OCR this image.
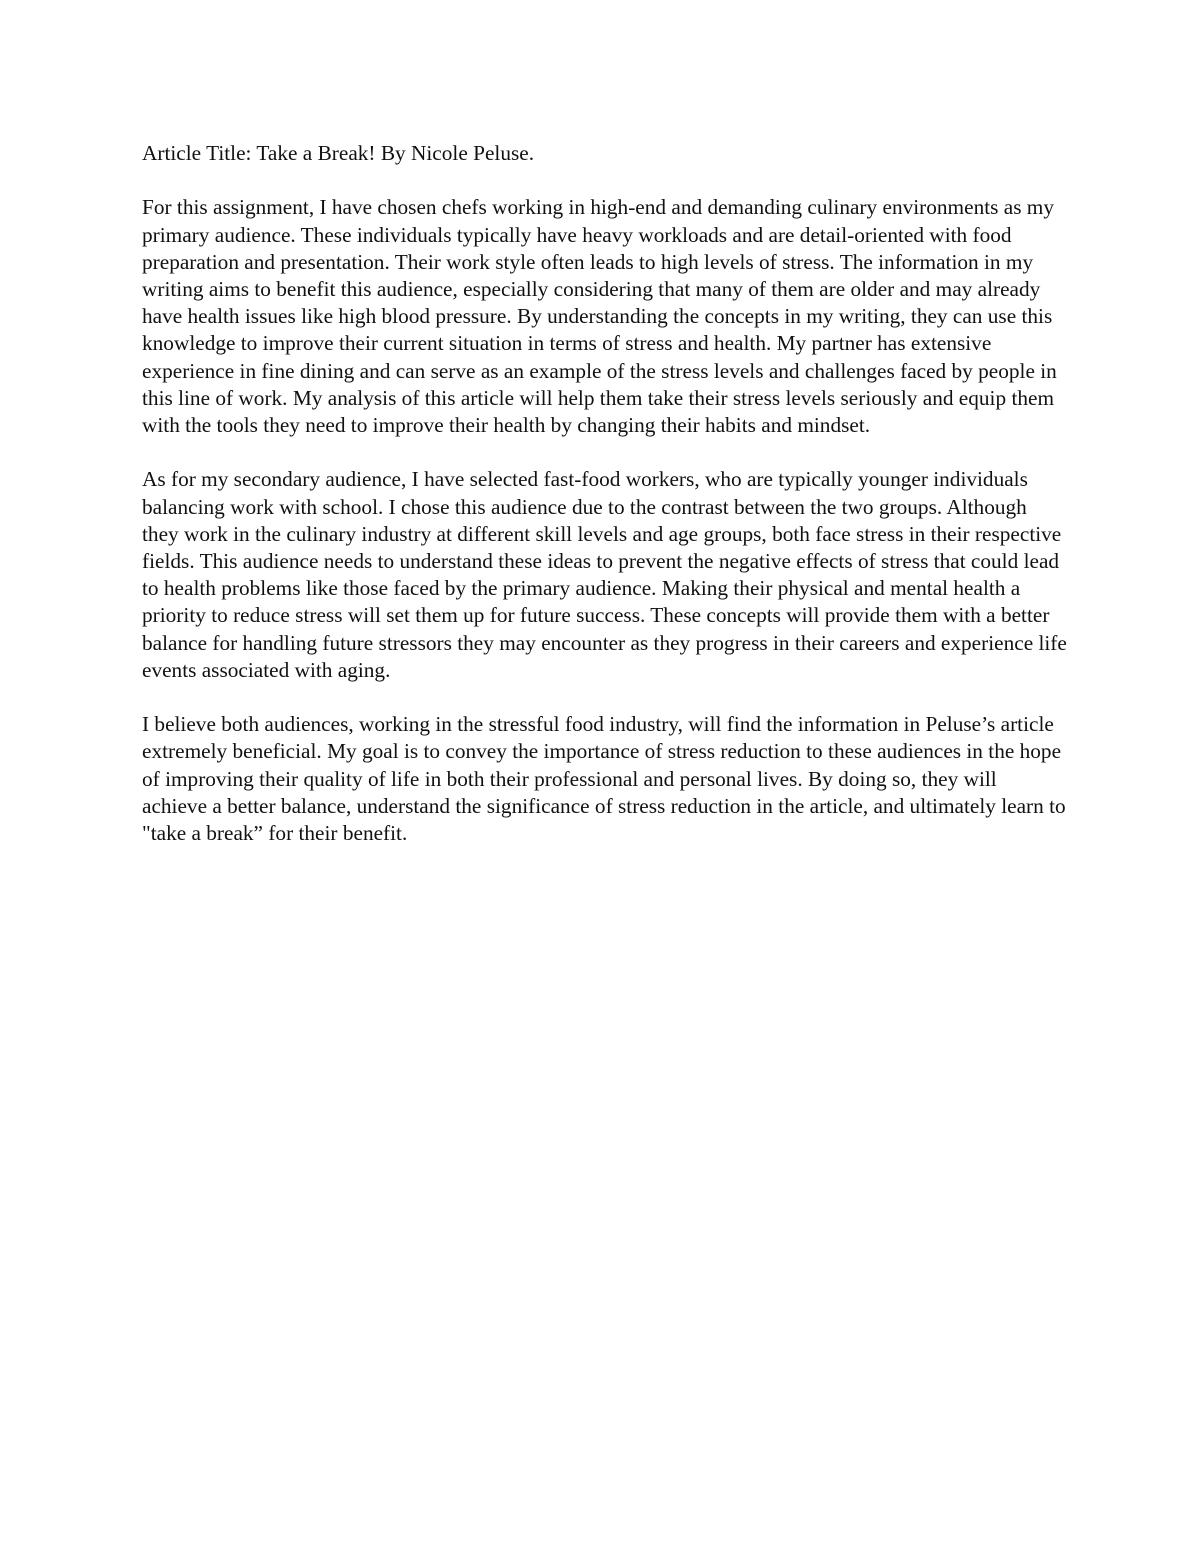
Article Title: Take a Break! By Nicole Peluse.

For this assignment, I have chosen chefs working in high-end and demanding culinary environments as my primary audience. These individuals typically have heavy workloads and are detail-oriented with food preparation and presentation. Their work style often leads to high levels of stress. The information in my writing aims to benefit this audience, especially considering that many of them are older and may already have health issues like high blood pressure. By understanding the concepts in my writing, they can use this knowledge to improve their current situation in terms of stress and health. My partner has extensive experience in fine dining and can serve as an example of the stress levels and challenges faced by people in this line of work. My analysis of this article will help them take their stress levels seriously and equip them with the tools they need to improve their health by changing their habits and mindset.

As for my secondary audience, I have selected fast-food workers, who are typically younger individuals balancing work with school. I chose this audience due to the contrast between the two groups. Although they work in the culinary industry at different skill levels and age groups, both face stress in their respective fields. This audience needs to understand these ideas to prevent the negative effects of stress that could lead to health problems like those faced by the primary audience. Making their physical and mental health a priority to reduce stress will set them up for future success. These concepts will provide them with a better balance for handling future stressors they may encounter as they progress in their careers and experience life events associated with aging.

I believe both audiences, working in the stressful food industry, will find the information in Peluse’s article extremely beneficial. My goal is to convey the importance of stress reduction to these audiences in the hope of improving their quality of life in both their professional and personal lives. By doing so, they will achieve a better balance, understand the significance of stress reduction in the article, and ultimately learn to "take a break” for their benefit.
